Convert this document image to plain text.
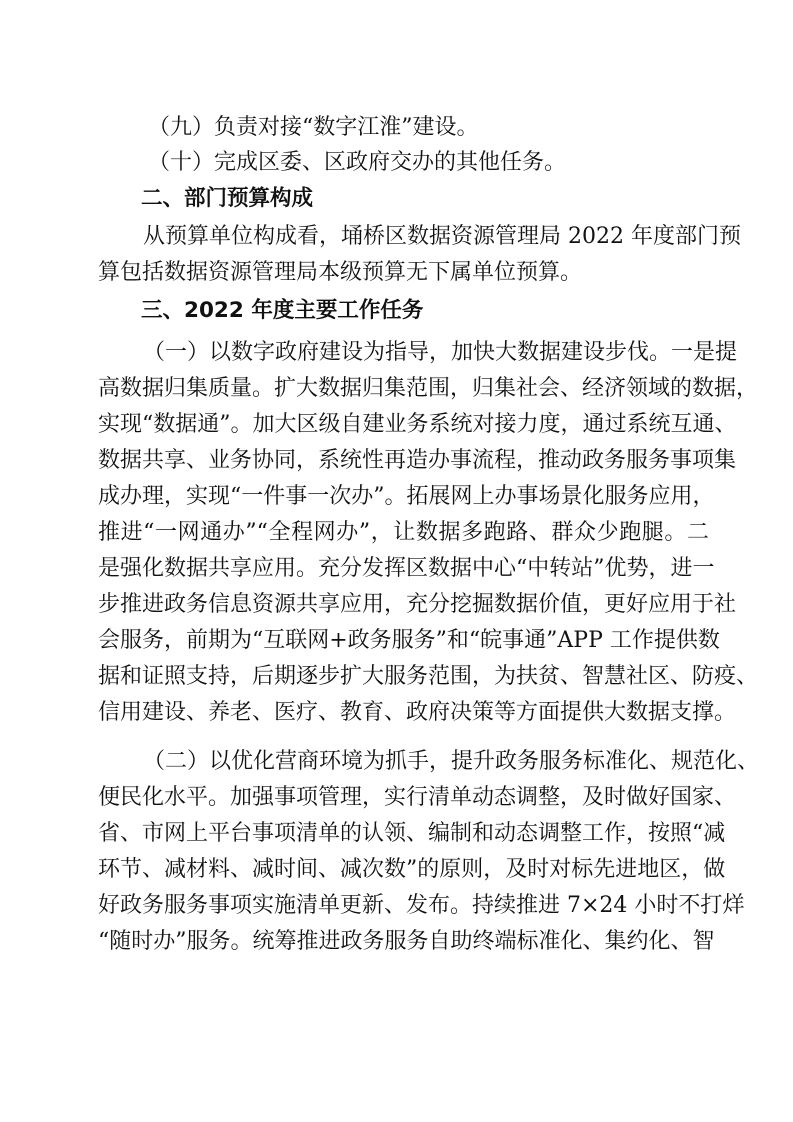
（九）负责对接“数字江淮”建设。
（十）完成区委、区政府交办的其他任务。
二、部门预算构成
从预算单位构成看，埇桥区数据资源管理局 2022 年度部门预
算包括数据资源管理局本级预算无下属单位预算。
三、2022 年度主要工作任务
（一）以数字政府建设为指导，加快大数据建设步伐。一是提
高数据归集质量。扩大数据归集范围，归集社会、经济领域的数据，
实现“数据通”。加大区级自建业务系统对接力度，通过系统互通、
数据共享、业务协同，系统性再造办事流程，推动政务服务事项集
成办理，实现“一件事一次办”。拓展网上办事场景化服务应用，
推进“一网通办”“全程网办”，让数据多跑路、群众少跑腿。二
是强化数据共享应用。充分发挥区数据中心“中转站”优势，进一
步推进政务信息资源共享应用，充分挖掘数据价值，更好应用于社
会服务，前期为“互联网+政务服务”和“皖事通”APP 工作提供数
据和证照支持，后期逐步扩大服务范围，为扶贫、智慧社区、防疫、
信用建设、养老、医疗、教育、政府决策等方面提供大数据支撑。
（二）以优化营商环境为抓手，提升政务服务标准化、规范化、
便民化水平。加强事项管理，实行清单动态调整，及时做好国家、
省、市网上平台事项清单的认领、编制和动态调整工作，按照“减
环节、减材料、减时间、减次数”的原则，及时对标先进地区，做
好政务服务事项实施清单更新、发布。持续推进 7×24 小时不打烊
“随时办”服务。统筹推进政务服务自助终端标准化、集约化、智
